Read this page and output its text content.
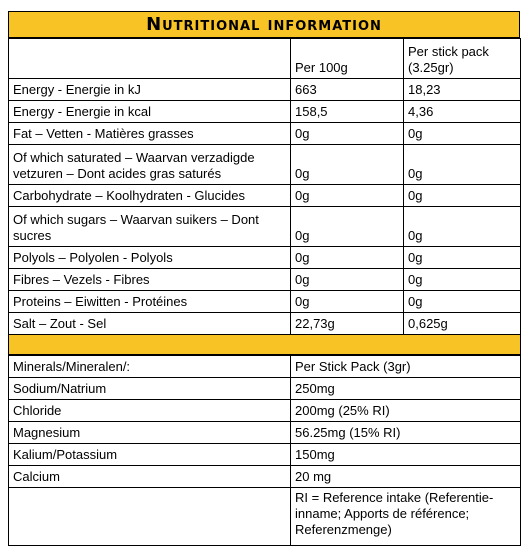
Nutritional information
	Per 100g	Per stick pack (3.25gr)
Energy - Energie in kJ	663	18,23
Energy - Energie in kcal	158,5	4,36
Fat – Vetten - Matières grasses	0g	0g
Of which saturated – Waarvan verzadigde vetzuren – Dont acides gras saturés	0g	0g
Carbohydrate – Koolhydraten - Glucides	0g	0g
Of which sugars – Waarvan suikers – Dont sucres	0g	0g
Polyols – Polyolen - Polyols	0g	0g
Fibres – Vezels - Fibres	0g	0g
Proteins – Eiwitten - Protéines	0g	0g
Salt – Zout - Sel	22,73g	0,625g

Minerals/Mineralen/:	Per Stick Pack (3gr)
Sodium/Natrium	250mg
Chloride	200mg (25% RI)
Magnesium	56.25mg (15% RI)
Kalium/Potassium	150mg
Calcium	20 mg
	RI = Reference intake (Referentie-inname; Apports de référence; Referenzmenge)
